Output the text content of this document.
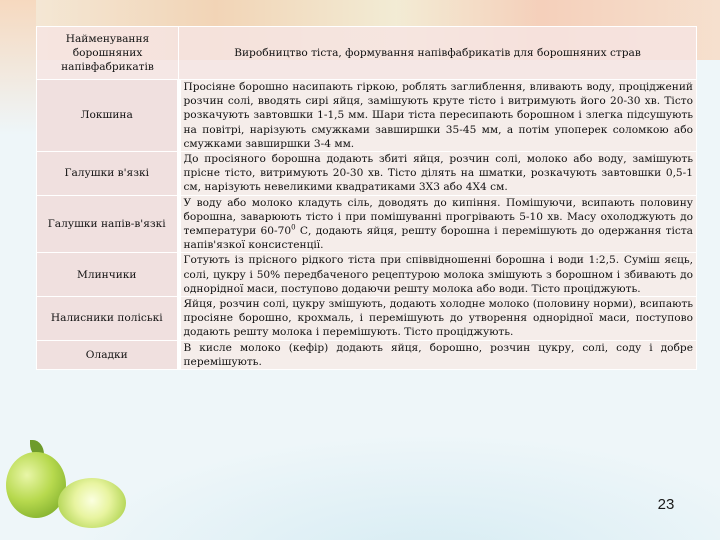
Найменування борошняних напівфабрикатів	Виробництво тіста, формування напівфабрикатів для борошняних страв
Локшина	Просіяне борошно насипають гіркою, роблять заглиблення, вливають воду, проціджений розчин солі, вводять сирі яйця, замішують круте тісто і витримують його 20-30 хв. Тісто розкачують завтовшки 1-1,5 мм. Шари тіста пересипають борошном і злегка підсушують на повітрі, нарізують смужками завширшки 35-45 мм, а потім упоперек соломкою або смужками завширшки 3-4 мм.
Галушки в'язкі	До просіяного борошна додають збиті яйця, розчин солі, молоко або воду, замішують прісне тісто, витримують 20-30 хв. Тісто ділять на шматки, розкачують завтовшки 0,5-1 см, нарізують невеликими квадратиками 3Х3 або 4Х4 см.
Галушки напів-в'язкі	У воду або молоко кладуть сіль, доводять до кипіння. Помішуючи, всипають половину борошна, заварюють тісто і при помішуванні прогрівають 5-10 хв. Масу охолоджують до температури $60-70^0$ С, додають яйця, решту борошна і перемішують до одержання тіста напів'язкої консистенції.
Млинчики	Готують із прісного рідкого тіста при співвідношенні борошна і води 1:2,5. Суміш яєць, солі, цукру і 50% передбаченого рецептурою молока змішують з борошном і збивають до однорідної маси, поступово додаючи решту молока або води. Тісто проціджують.
Налисники поліські	Яйця, розчин солі, цукру змішують, додають холодне молоко (половину норми), всипають просіяне борошно, крохмаль, і перемішують до утворення однорідної маси, поступово додають решту молока і перемішують. Тісто проціджують.
Оладки	В кисле молоко (кефір) додають яйця, борошно, розчин цукру, солі, соду і добре перемішують.
23
